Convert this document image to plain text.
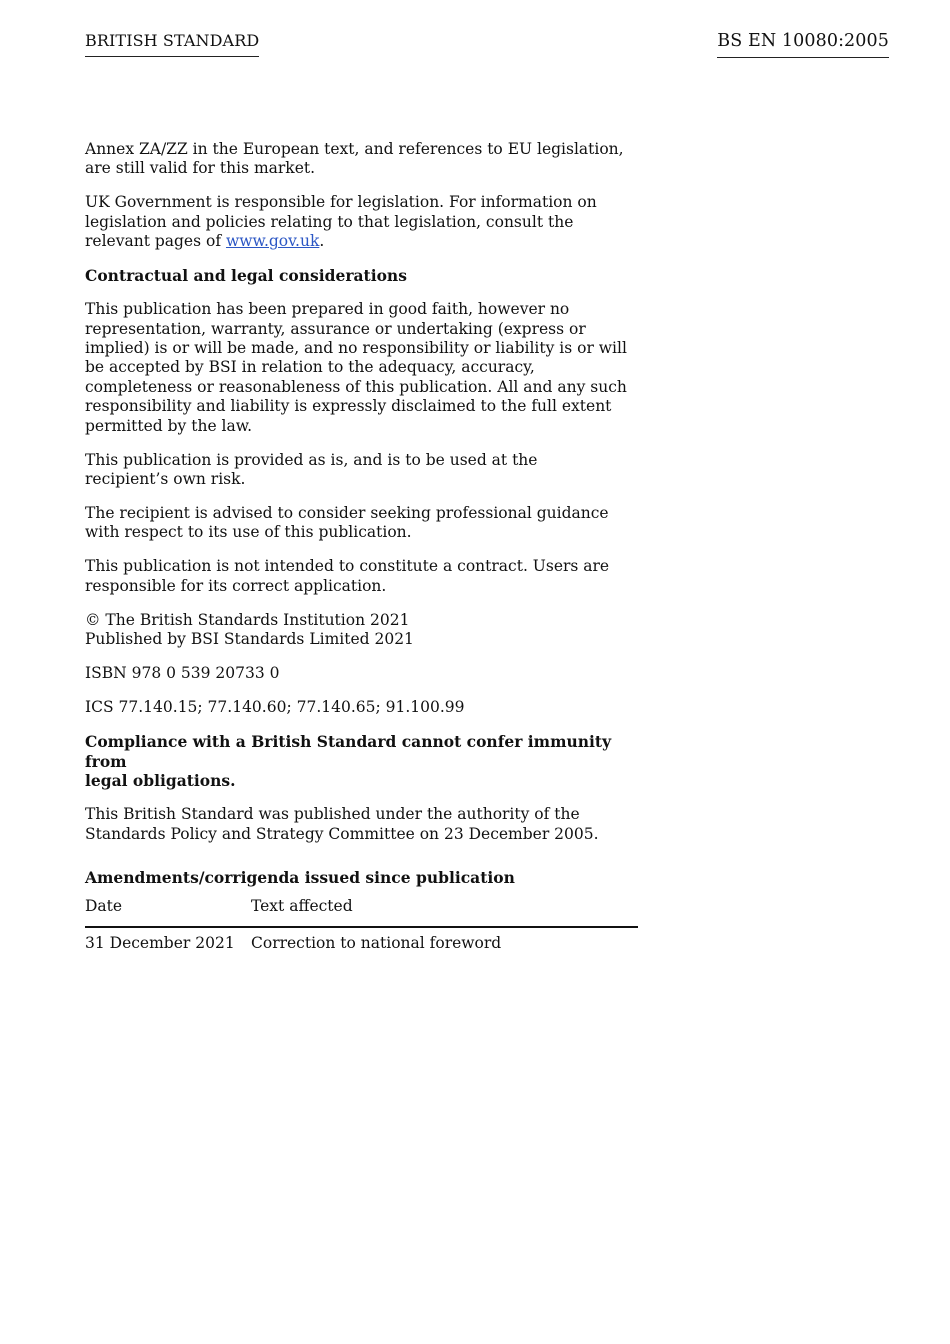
BRITISH STANDARD	BS EN 10080:2005

Annex ZA/ZZ in the European text, and references to EU legislation, are still valid for this market.

UK Government is responsible for legislation. For information on legislation and policies relating to that legislation, consult the relevant pages of www.gov.uk.

Contractual and legal considerations

This publication has been prepared in good faith, however no representation, warranty, assurance or undertaking (express or implied) is or will be made, and no responsibility or liability is or will be accepted by BSI in relation to the adequacy, accuracy, completeness or reasonableness of this publication. All and any such responsibility and liability is expressly disclaimed to the full extent permitted by the law.

This publication is provided as is, and is to be used at the
recipient’s own risk.

The recipient is advised to consider seeking professional guidance with respect to its use of this publication.

This publication is not intended to constitute a contract. Users are responsible for its correct application.

© The British Standards Institution 2021
Published by BSI Standards Limited 2021

ISBN 978 0 539 20733 0

ICS 77.140.15; 77.140.60; 77.140.65; 91.100.99

Compliance with a British Standard cannot confer immunity from
legal obligations.

This British Standard was published under the authority of the
Standards Policy and Strategy Committee on 23 December 2005.

Amendments/corrigenda issued since publication

Date	Text affected
31 December 2021	Correction to national foreword
